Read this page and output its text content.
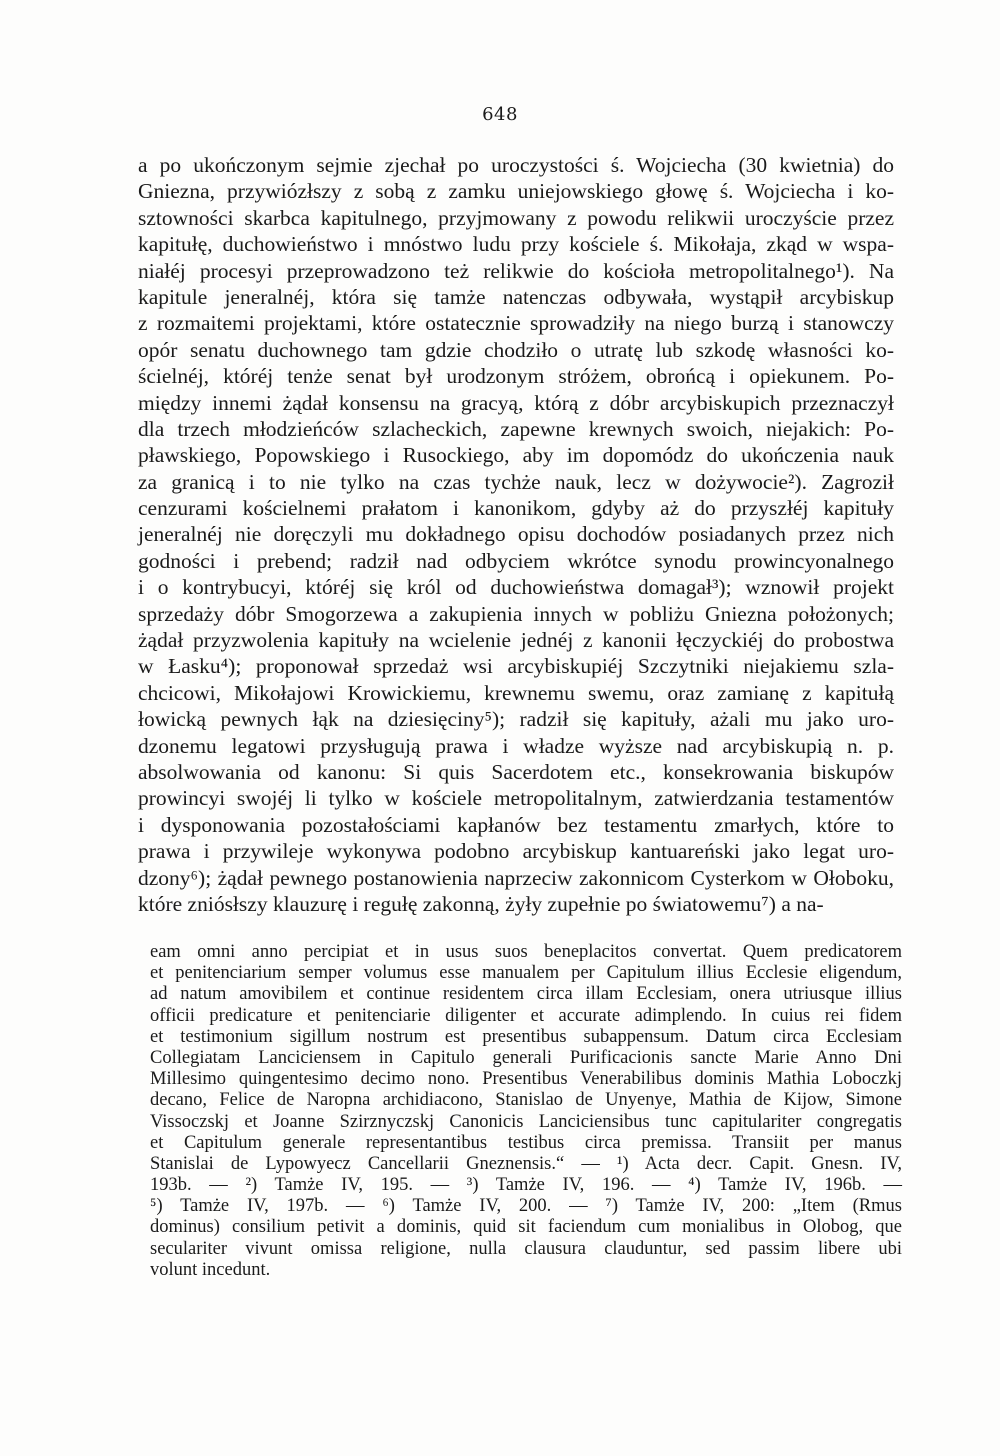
648
a po ukończonym sejmie zjechał po uroczystości ś. Wojciecha (30 kwietnia) do
Gniezna, przywiózłszy z sobą z zamku uniejowskiego głowę ś. Wojciecha i ko-
sztowności skarbca kapitulnego, przyjmowany z powodu relikwii uroczyście przez
kapitułę, duchowieństwo i mnóstwo ludu przy kościele ś. Mikołaja, zkąd w wspa-
niałéj procesyi przeprowadzono też relikwie do kościoła metropolitalnego¹). Na
kapitule jeneralnéj, która się tamże natenczas odbywała, wystąpił arcybiskup
z rozmaitemi projektami, które ostatecznie sprowadziły na niego burzą i stanowczy
opór senatu duchownego tam gdzie chodziło o utratę lub szkodę własności ko-
ścielnéj, któréj tenże senat był urodzonym stróżem, obrońcą i opiekunem. Po-
między innemi żądał konsensu na gracyą, którą z dóbr arcybiskupich przeznaczył
dla trzech młodzieńców szlacheckich, zapewne krewnych swoich, niejakich: Po-
pławskiego, Popowskiego i Rusockiego, aby im dopomódz do ukończenia nauk
za granicą i to nie tylko na czas tychże nauk, lecz w dożywocie²). Zagroził
cenzurami kościelnemi prałatom i kanonikom, gdyby aż do przyszłéj kapituły
jeneralnéj nie doręczyli mu dokładnego opisu dochodów posiadanych przez nich
godności i prebend; radził nad odbyciem wkrótce synodu prowincyonalnego
i o kontrybucyi, któréj się król od duchowieństwa domagał³); wznowił projekt
sprzedaży dóbr Smogorzewa a zakupienia innych w pobliżu Gniezna położonych;
żądał przyzwolenia kapituły na wcielenie jednéj z kanonii łęczyckiéj do probostwa
w Łasku⁴); proponował sprzedaż wsi arcybiskupiéj Szczytniki niejakiemu szla-
chcicowi, Mikołajowi Krowickiemu, krewnemu swemu, oraz zamianę z kapitułą
łowicką pewnych łąk na dziesięciny⁵); radził się kapituły, ażali mu jako uro-
dzonemu legatowi przysługują prawa i władze wyższe nad arcybiskupią n. p.
absolwowania od kanonu: Si quis Sacerdotem etc., konsekrowania biskupów
prowincyi swojéj li tylko w kościele metropolitalnym, zatwierdzania testamentów
i dysponowania pozostałościami kapłanów bez testamentu zmarłych, które to
prawa i przywileje wykonywa podobno arcybiskup kantuareński jako legat uro-
dzony⁶); żądał pewnego postanowienia naprzeciw zakonnicom Cysterkom w Ołoboku,
które zniósłszy klauzurę i regułę zakonną, żyły zupełnie po światowemu⁷) a na-
eam omni anno percipiat et in usus suos beneplacitos convertat. Quem predicatorem
et penitenciarium semper volumus esse manualem per Capitulum illius Ecclesie eligendum,
ad natum amovibilem et continue residentem circa illam Ecclesiam, onera utriusque illius
officii predicature et penitenciarie diligenter et accurate adimplendo. In cuius rei fidem
et testimonium sigillum nostrum est presentibus subappensum. Datum circa Ecclesiam
Collegiatam Lanciciensem in Capitulo generali Purificacionis sancte Marie Anno Dni
Millesimo quingentesimo decimo nono. Presentibus Venerabilibus dominis Mathia Loboczkj
decano, Felice de Naropna archidiacono, Stanislao de Unyenye, Mathia de Kijow, Simone
Vissoczskj et Joanne Szirznyczskj Canonicis Lanciciensibus tunc capitulariter congregatis
et Capitulum generale representantibus testibus circa premissa. Transiit per manus
Stanislai de Lypowyecz Cancellarii Gneznensis.“ — ¹) Acta decr. Capit. Gnesn. IV,
193b. — ²) Tamże IV, 195. — ³) Tamże IV, 196. — ⁴) Tamże IV, 196b. —
⁵) Tamże IV, 197b. — ⁶) Tamże IV, 200. — ⁷) Tamże IV, 200: „Item (Rmus
dominus) consilium petivit a dominis, quid sit faciendum cum monialibus in Olobog, que
seculariter vivunt omissa religione, nulla clausura clauduntur, sed passim libere ubi
volunt incedunt.
